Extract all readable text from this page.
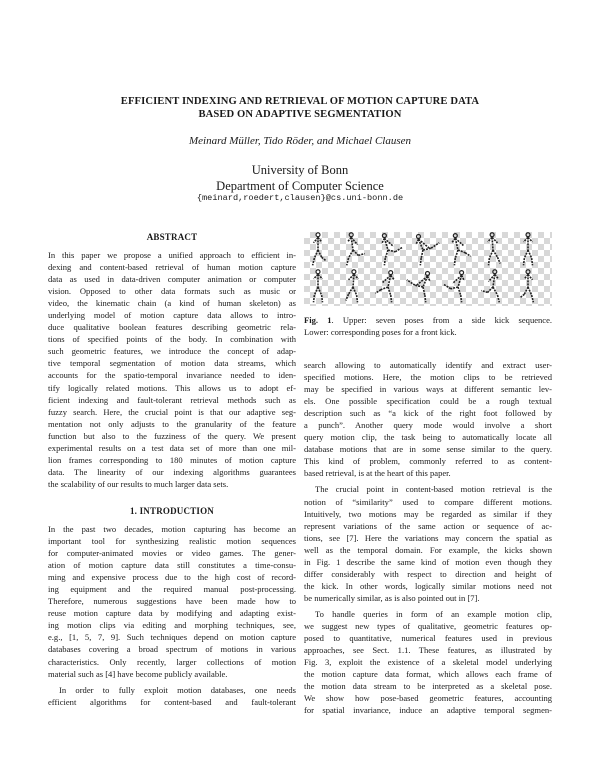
EFFICIENT INDEXING AND RETRIEVAL OF MOTION CAPTURE DATA
BASED ON ADAPTIVE SEGMENTATION
Meinard Müller, Tido Röder, and Michael Clausen
University of Bonn
Department of Computer Science
{meinard,roedert,clausen}@cs.uni-bonn.de
ABSTRACT
In this paper we propose a unified approach to efficient in-
dexing and content-based retrieval of human motion capture
data as used in data-driven computer animation or computer
vision. Opposed to other data formats such as music or
video, the kinematic chain (a kind of human skeleton) as
underlying model of motion capture data allows to intro-
duce qualitative boolean features describing geometric rela-
tions of specified points of the body. In combination with
such geometric features, we introduce the concept of adap-
tive temporal segmentation of motion data streams, which
accounts for the spatio-temporal invariance needed to iden-
tify logically related motions. This allows us to adopt ef-
ficient indexing and fault-tolerant retrieval methods such as
fuzzy search. Here, the crucial point is that our adaptive seg-
mentation not only adjusts to the granularity of the feature
function but also to the fuzziness of the query. We present
experimental results on a test data set of more than one mil-
lion frames corresponding to 180 minutes of motion capture
data. The linearity of our indexing algorithms guarantees
the scalability of our results to much larger data sets.
1. INTRODUCTION
In the past two decades, motion capturing has become an
important tool for synthesizing realistic motion sequences
for computer-animated movies or video games. The gener-
ation of motion capture data still constitutes a time-consu-
ming and expensive process due to the high cost of record-
ing equipment and the required manual post-processing.
Therefore, numerous suggestions have been made how to
reuse motion capture data by modifying and adapting exist-
ing motion clips via editing and morphing techniques, see,
e.g., [1, 5, 7, 9]. Such techniques depend on motion capture
databases covering a broad spectrum of motions in various
characteristics. Only recently, larger collections of motion
material such as [4] have become publicly available.
In order to fully exploit motion databases, one needs
efficient algorithms for content-based and fault-tolerant
Fig. 1. Upper: seven poses from a side kick sequence.
Lower: corresponding poses for a front kick.
search allowing to automatically identify and extract user-
specified motions. Here, the motion clips to be retrieved
may be specified in various ways at different semantic lev-
els. One possible specification could be a rough textual
description such as “a kick of the right foot followed by
a punch”. Another query mode would involve a short
query motion clip, the task being to automatically locate all
database motions that are in some sense similar to the query.
This kind of problem, commonly referred to as content-
based retrieval, is at the heart of this paper.
The crucial point in content-based motion retrieval is the
notion of “similarity” used to compare different motions.
Intuitively, two motions may be regarded as similar if they
represent variations of the same action or sequence of ac-
tions, see [7]. Here the variations may concern the spatial as
well as the temporal domain. For example, the kicks shown
in Fig. 1 describe the same kind of motion even though they
differ considerably with respect to direction and height of
the kick. In other words, logically similar motions need not
be numerically similar, as is also pointed out in [7].
To handle queries in form of an example motion clip,
we suggest new types of qualitative, geometric features op-
posed to quantitative, numerical features used in previous
approaches, see Sect. 1.1. These features, as illustrated by
Fig. 3, exploit the existence of a skeletal model underlying
the motion capture data format, which allows each frame of
the motion data stream to be interpreted as a skeletal pose.
We show how pose-based geometric features, accounting
for spatial invariance, induce an adaptive temporal segmen-
